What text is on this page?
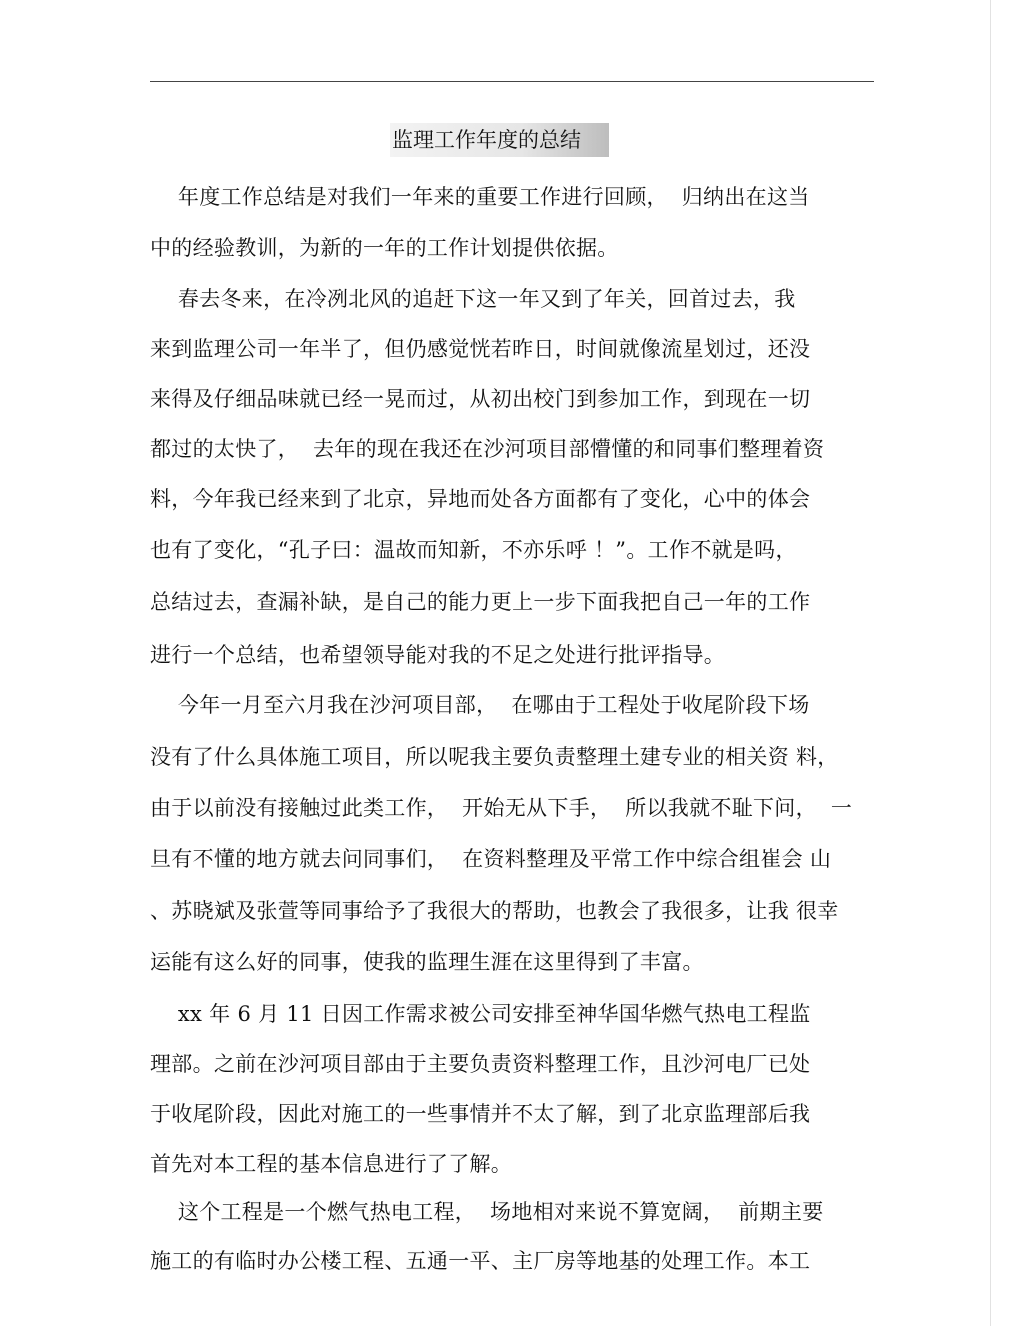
监理工作年度的总结
年度工作总结是对我们一年来的重要工作进行回顾，  归纳出在这当
中的经验教训，为新的一年的工作计划提供依据。
春去冬来，在冷冽北风的追赶下这一年又到了年关，回首过去，我
来到监理公司一年半了，但仍感觉恍若昨日，时间就像流星划过，还没
来得及仔细品味就已经一晃而过，从初出校门到参加工作，到现在一切
都过的太快了，  去年的现在我还在沙河项目部懵懂的和同事们整理着资
料，今年我已经来到了北京，异地而处各方面都有了变化，心中的体会
也有了变化，“孔子曰：温故而知新，不亦乐呼 ！”。工作不就是吗，
总结过去，查漏补缺，是自己的能力更上一步下面我把自己一年的工作
进行一个总结，也希望领导能对我的不足之处进行批评指导。
今年一月至六月我在沙河项目部，  在哪由于工程处于收尾阶段下场
没有了什么具体施工项目，所以呢我主要负责整理土建专业的相关资 料，
由于以前没有接触过此类工作，  开始无从下手，  所以我就不耻下问，  一
旦有不懂的地方就去问同事们，  在资料整理及平常工作中综合组崔会 山
、苏晓斌及张萱等同事给予了我很大的帮助，也教会了我很多，让我 很幸
运能有这么好的同事，使我的监理生涯在这里得到了丰富。
xx 年 6 月 11 日因工作需求被公司安排至神华国华燃气热电工程监
理部。之前在沙河项目部由于主要负责资料整理工作，且沙河电厂已处
于收尾阶段，因此对施工的一些事情并不太了解，到了北京监理部后我
首先对本工程的基本信息进行了了解。
这个工程是一个燃气热电工程，  场地相对来说不算宽阔，  前期主要
施工的有临时办公楼工程、五通一平、主厂房等地基的处理工作。本工
